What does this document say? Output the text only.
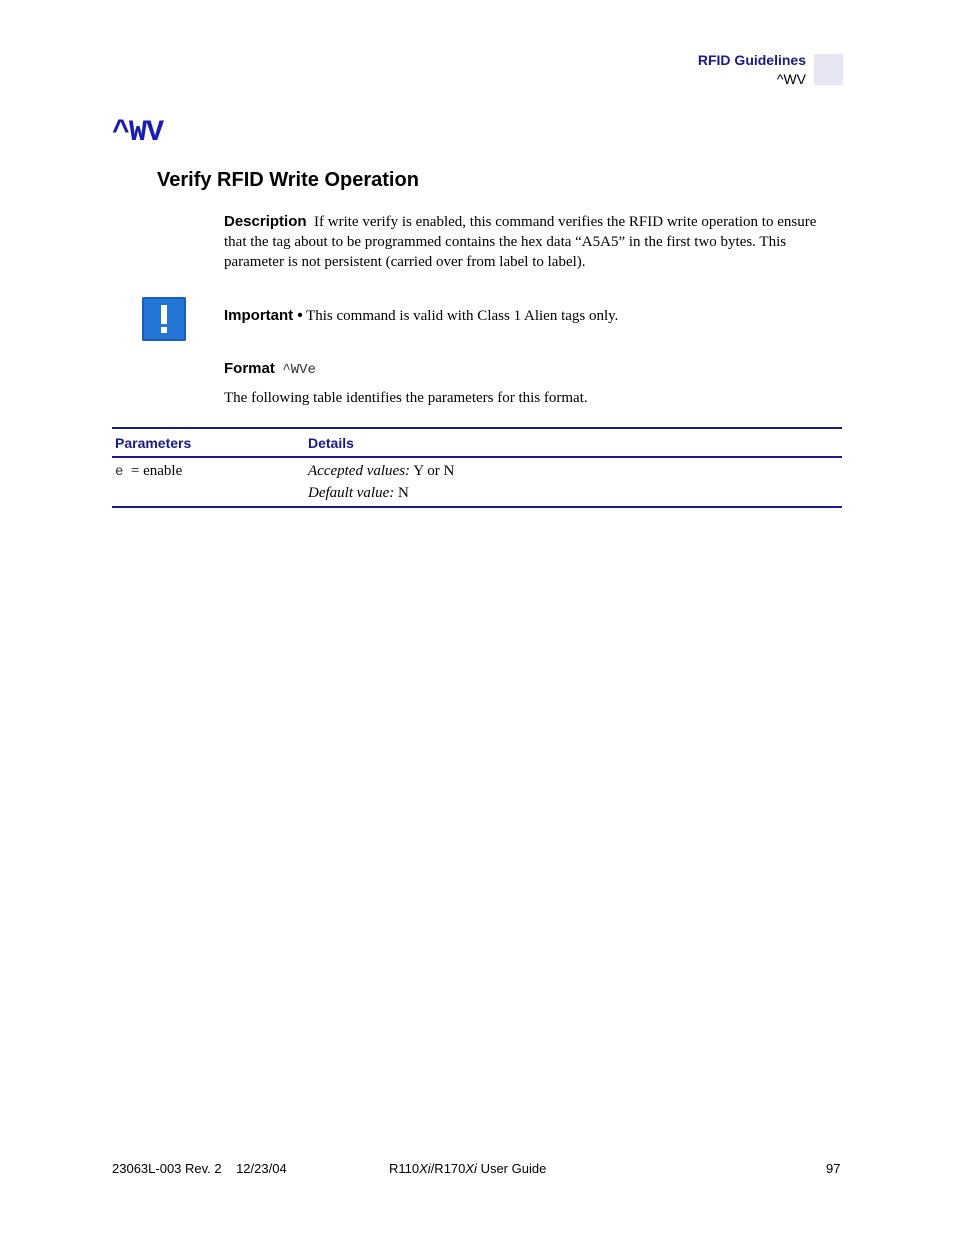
RFID Guidelines
^WV
^WV
Verify RFID Write Operation
Description If write verify is enabled, this command verifies the RFID write operation to ensure that the tag about to be programmed contains the hex data “A5A5” in the first two bytes. This parameter is not persistent (carried over from label to label).
Important • This command is valid with Class 1 Alien tags only.
Format ^WVe
The following table identifies the parameters for this format.
Parameters	Details
e = enable	Accepted values: Y or N
Default value: N
23063L-003 Rev. 2 12/23/04	R110Xi/R170Xi User Guide	97
